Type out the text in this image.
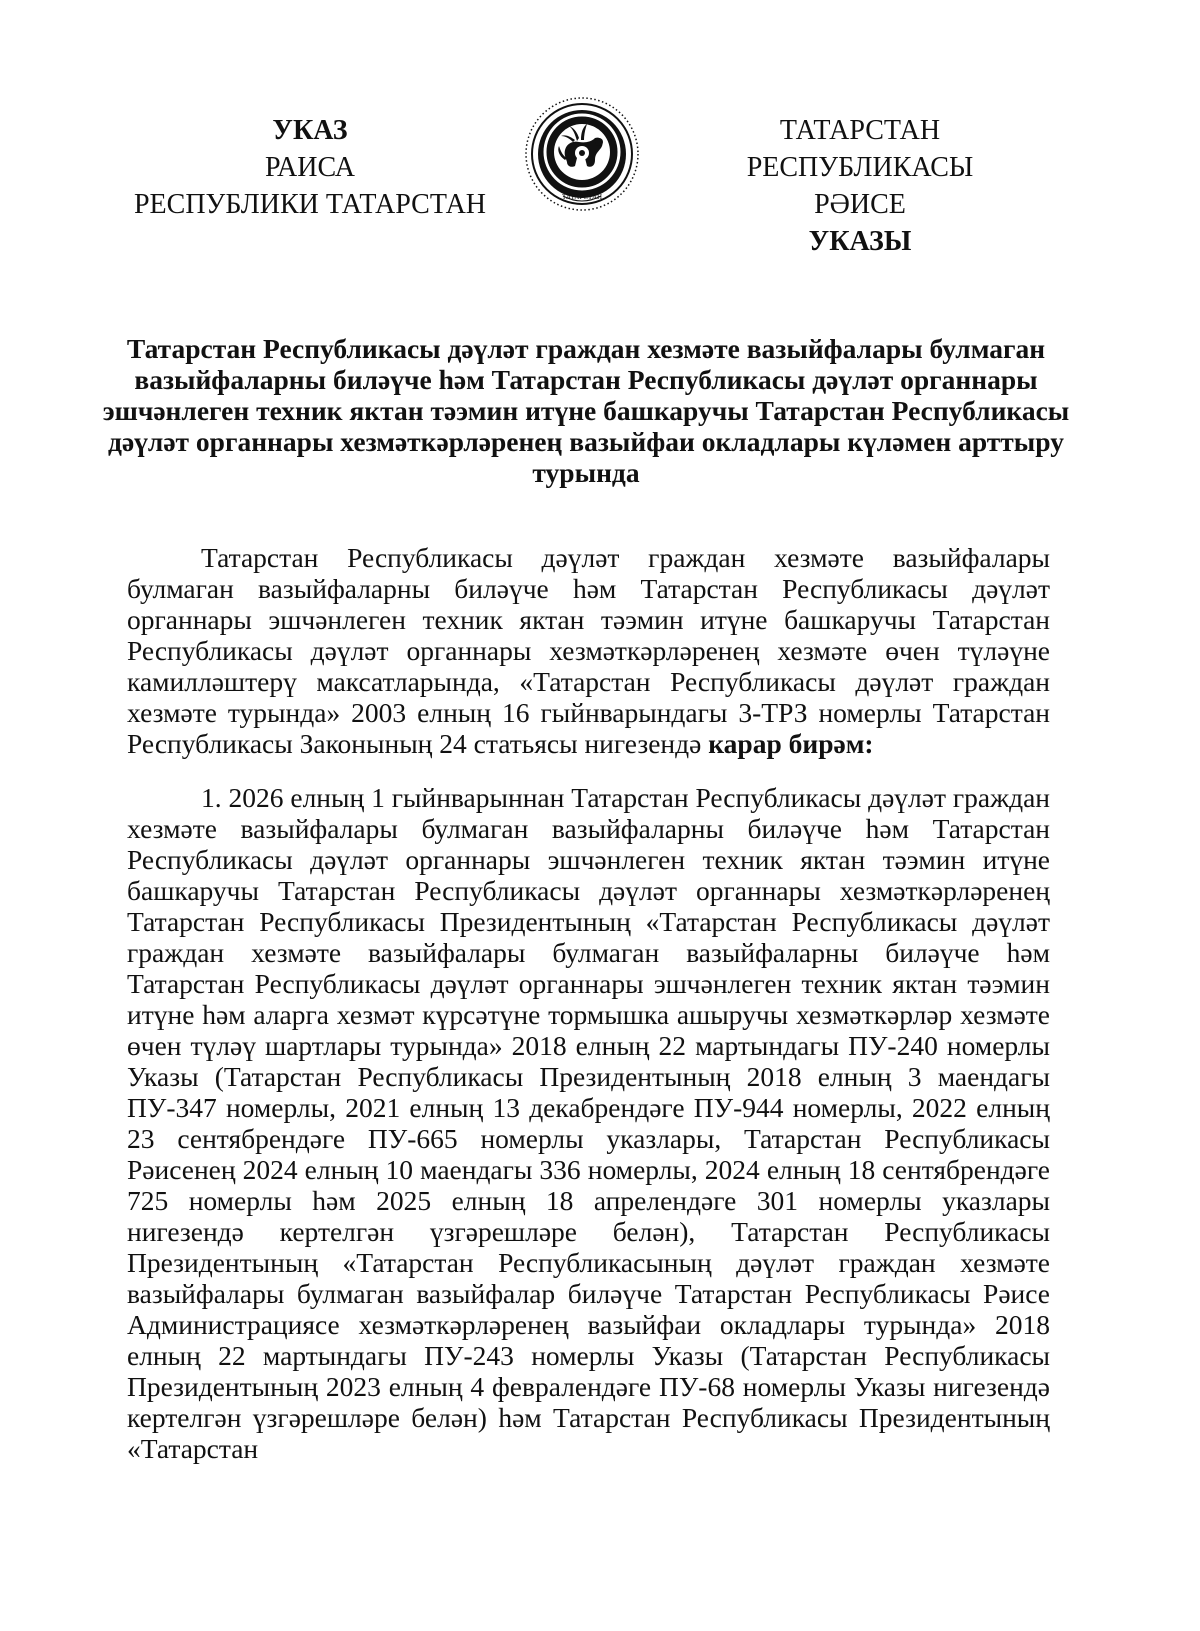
УКАЗ
РАИСА
РЕСПУБЛИКИ ТАТАРСТАН	ТАТАРСТАН
ТАТАРСТАН РЕСПУБЛИКАСЫ
РӘИСЕ
УКАЗЫ
Татарстан Республикасы дәүләт граждан хезмәте вазыйфалары булмаган вазыйфаларны биләүче һәм Татарстан Республикасы дәүләт органнары эшчәнлеген техник яктан тәэмин итүне башкаручы Татарстан Республикасы дәүләт органнары хезмәткәрләренең вазыйфаи окладлары күләмен арттыру турында
Татарстан Республикасы дәүләт граждан хезмәте вазыйфалары булмаган вазыйфаларны биләүче һәм Татарстан Республикасы дәүләт органнары эшчәнлеген техник яктан тәэмин итүне башкаручы Татарстан Республикасы дәүләт органнары хезмәткәрләренең хезмәте өчен түләүне камилләштерү максатларында, «Татарстан Республикасы дәүләт граждан хезмәте турында» 2003 елның 16 гыйнварындагы 3-ТРЗ номерлы Татарстан Республикасы Законының 24 статьясы нигезендә карар бирәм:
1. 2026 елның 1 гыйнварыннан Татарстан Республикасы дәүләт граждан хезмәте вазыйфалары булмаган вазыйфаларны биләүче һәм Татарстан Республикасы дәүләт органнары эшчәнлеген техник яктан тәэмин итүне башкаручы Татарстан Республикасы дәүләт органнары хезмәткәрләренең Татарстан Республикасы Президентының «Татарстан Республикасы дәүләт граждан хезмәте вазыйфалары булмаган вазыйфаларны биләүче һәм Татарстан Республикасы дәүләт органнары эшчәнлеген техник яктан тәэмин итүне һәм аларга хезмәт күрсәтүне тормышка ашыручы хезмәткәрләр хезмәте өчен түләү шартлары турында» 2018 елның 22 мартындагы ПУ-240 номерлы Указы (Татарстан Республикасы Президентының 2018 елның 3 маендагы ПУ-347 номерлы, 2021 елның 13 декабрендәге ПУ-944 номерлы, 2022 елның 23 сентябрендәге ПУ-665 номерлы указлары, Татарстан Республикасы Рәисенең 2024 елның 10 маендагы 336 номерлы, 2024 елның 18 сентябрендәге 725 номерлы һәм 2025 елның 18 апрелендәге 301 номерлы указлары нигезендә кертелгән үзгәрешләре белән), Татарстан Республикасы Президентының «Татарстан Республикасының дәүләт граждан хезмәте вазыйфалары булмаган вазыйфалар биләүче Татарстан Республикасы Рәисе Администрациясе хезмәткәрләренең вазыйфаи окладлары турында» 2018 елның 22 мартындагы ПУ-243 номерлы Указы (Татарстан Республикасы Президентының 2023 елның 4 февралендәге ПУ-68 номерлы Указы нигезендә кертелгән үзгәрешләре белән) һәм Татарстан Республикасы Президентының «Татарстан
